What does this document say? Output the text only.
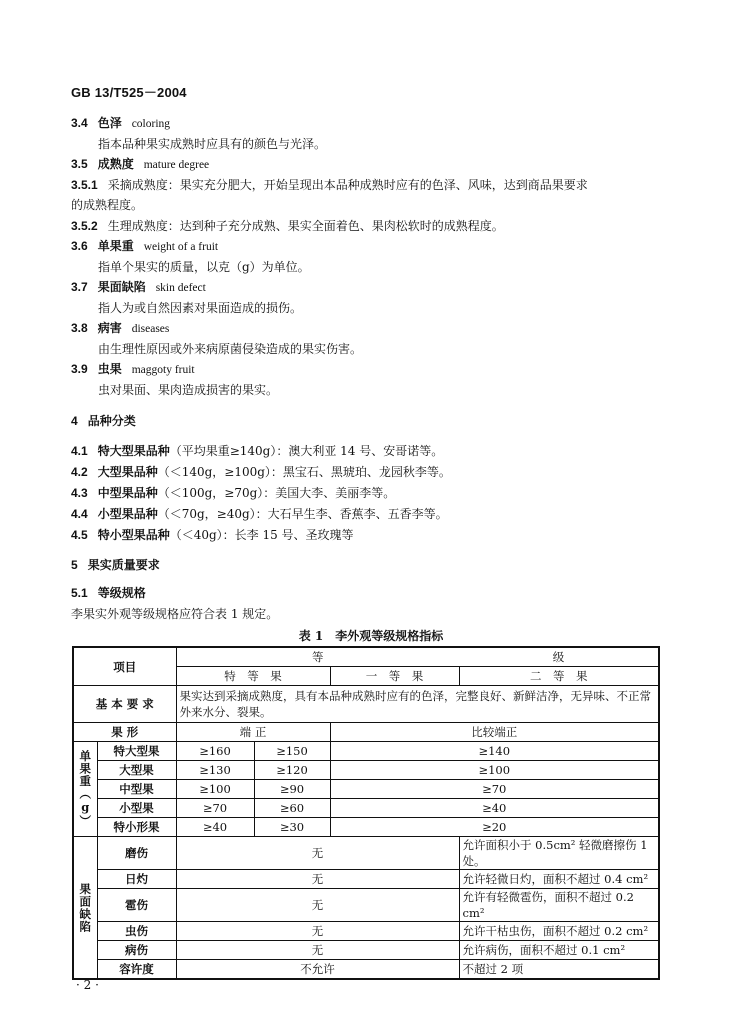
GB 13/T525－2004
3.4 色泽 coloring
指本品种果实成熟时应具有的颜色与光泽。
3.5 成熟度 mature degree
3.5.1 采摘成熟度：果实充分肥大，开始呈现出本品种成熟时应有的色泽、风味，达到商品果要求
的成熟程度。
3.5.2 生理成熟度：达到种子充分成熟、果实全面着色、果肉松软时的成熟程度。
3.6 单果重 weight of a fruit
指单个果实的质量，以克（g）为单位。
3.7 果面缺陷 skin defect
指人为或自然因素对果面造成的损伤。
3.8 病害 diseases
由生理性原因或外来病原菌侵染造成的果实伤害。
3.9 虫果 maggoty fruit
虫对果面、果肉造成损害的果实。
4 品种分类
4.1 特大型果品种（平均果重≥140g）：澳大利亚 14 号、安哥诺等。
4.2 大型果品种（＜140g，≥100g）：黑宝石、黑琥珀、龙园秋李等。
4.3 中型果品种（＜100g，≥70g）：美国大李、美丽李等。
4.4 小型果品种（＜70g，≥40g）：大石早生李、香蕉李、五香李等。
4.5 特小型果品种（＜40g）：长李 15 号、圣玫瑰等
5 果实质量要求
5.1 等级规格
李果实外观等级规格应符合表 1 规定。
表 1　李外观等级规格指标
项目		等			级
		特　等　果		一　等　果	二　等　果
基 本 要 求		果实达到采摘成熟度，具有本品种成熟时应有的色泽，完整良好、新鲜洁净，无异味、不正常外来水分、裂果。			
果 形		端 正		比较端正	
单果重（g）	特大型果	≥160	≥150	≥140	
	大型果	≥130	≥120	≥100	
	中型果	≥100	≥90	≥70	
	小型果	≥70	≥60	≥40	
	特小形果	≥40	≥30	≥20	
果面缺陷	磨伤	无			允许面积小于 0.5cm² 轻微磨擦伤 1 处。
	日灼	无			允许轻微日灼，面积不超过 0.4 cm²
	雹伤	无			允许有轻微雹伤，面积不超过 0.2 cm²
	虫伤	无			允许干枯虫伤，面积不超过 0.2 cm²
	病伤	无			允许病伤，面积不超过 0.1 cm²
	容许度	不允许			不超过 2 项
· 2 ·
